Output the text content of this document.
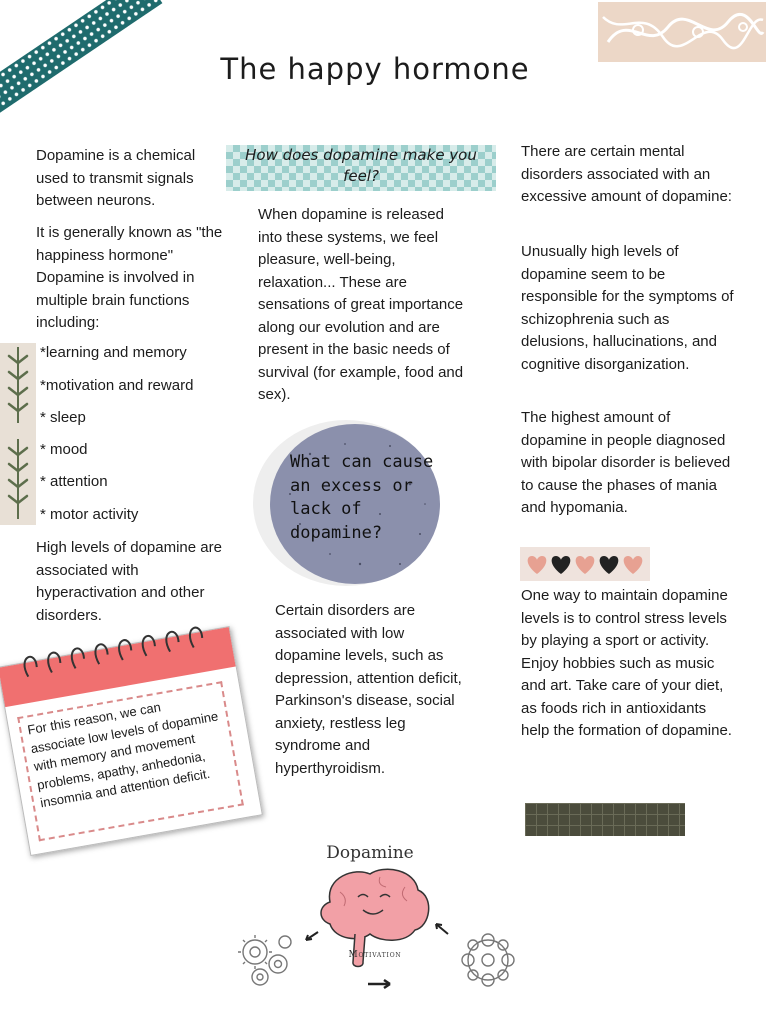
The happy hormone

Dopamine is a chemical used to transmit signals between neurons.

It is generally known as "the happiness hormone" Dopamine is involved in multiple brain functions including:

*learning and memory
*motivation and reward
* sleep
* mood
* attention
* motor activity

High levels of dopamine are associated with hyperactivation and other disorders.

For this reason, we can associate low levels of dopamine with memory and movement problems, apathy, anhedonia, insomnia and attention deficit.

How does dopamine make you feel?

When dopamine is released into these systems, we feel pleasure, well-being, relaxation... These are sensations of great importance along our evolution and are present in the basic needs of survival (for example, food and sex).

What can cause an excess or lack of dopamine?

Certain disorders are associated with low dopamine levels, such as depression, attention deficit, Parkinson's disease, social anxiety, restless leg syndrome and hyperthyroidism.

There are certain mental disorders associated with an excessive amount of dopamine:

Unusually high levels of dopamine seem to be responsible for the symptoms of schizophrenia such as delusions, hallucinations, and cognitive disorganization.

The highest amount of dopamine in people diagnosed with bipolar disorder is believed to cause the phases of mania and hypomania.

One way to maintain dopamine levels is to control stress levels by playing a sport or activity. Enjoy hobbies such as music and art. Take care of your diet, as foods rich in antioxidants help the formation of dopamine.

Dopamine
Motivation
